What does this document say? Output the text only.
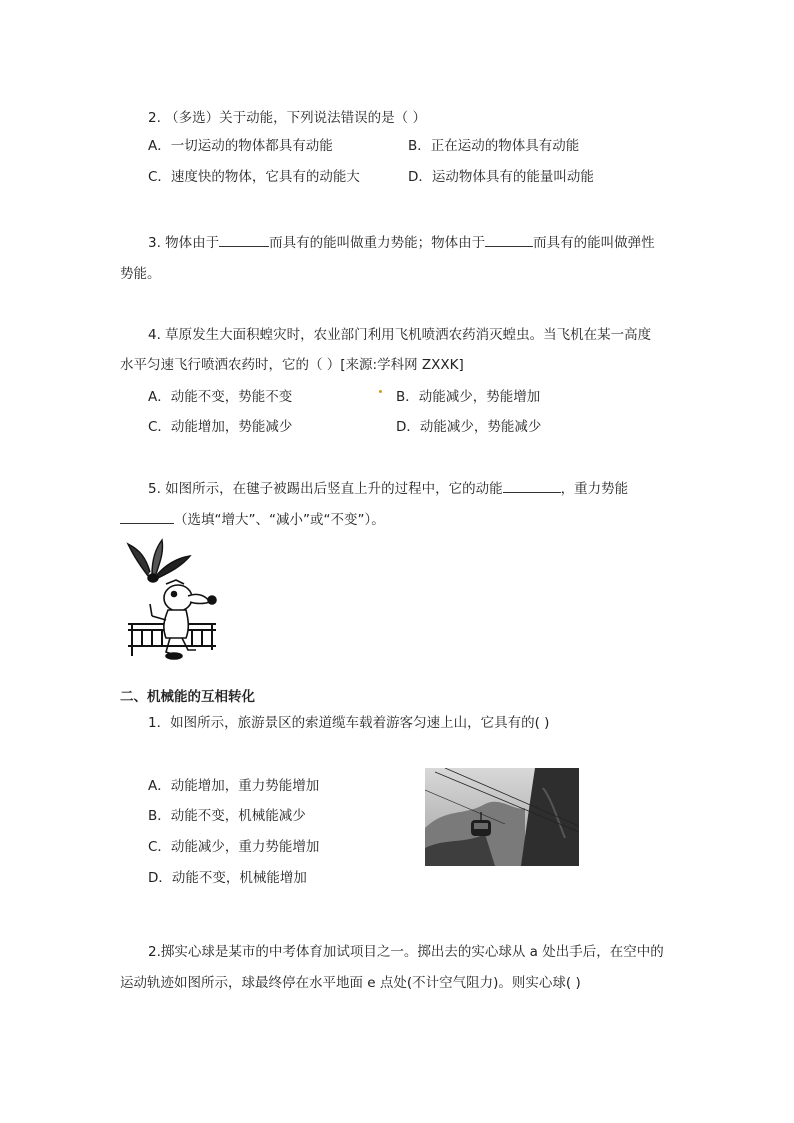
2. （多选）关于动能，下列说法错误的是（ ）
A．一切运动的物体都具有动能	B．正在运动的物体具有动能
C．速度快的物体，它具有的动能大	D．运动物体具有的能量叫动能
3. 物体由于	而具有的能叫做重力势能；物体由于	而具有的能叫做弹性
势能。
4. 草原发生大面积蝗灾时，农业部门利用飞机喷洒农药消灭蝗虫。当飞机在某一高度
水平匀速飞行喷洒农药时，它的（ ）[来源:学科网 ZXXK]
A．动能不变，势能不变	B．动能减少，势能增加
C．动能增加，势能减少	D．动能减少，势能减少
5. 如图所示，在毽子被踢出后竖直上升的过程中，它的动能	，重力势能
（选填“增大”、“减小”或“不变”）。
二、机械能的互相转化
1．如图所示，旅游景区的索道缆车载着游客匀速上山，它具有的( )
A．动能增加，重力势能增加
B．动能不变，机械能减少
C．动能减少，重力势能增加
D．动能不变，机械能增加
2.掷实心球是某市的中考体育加试项目之一。掷出去的实心球从 a 处出手后，在空中的
运动轨迹如图所示，球最终停在水平地面 e 点处(不计空气阻力)。则实心球( )
